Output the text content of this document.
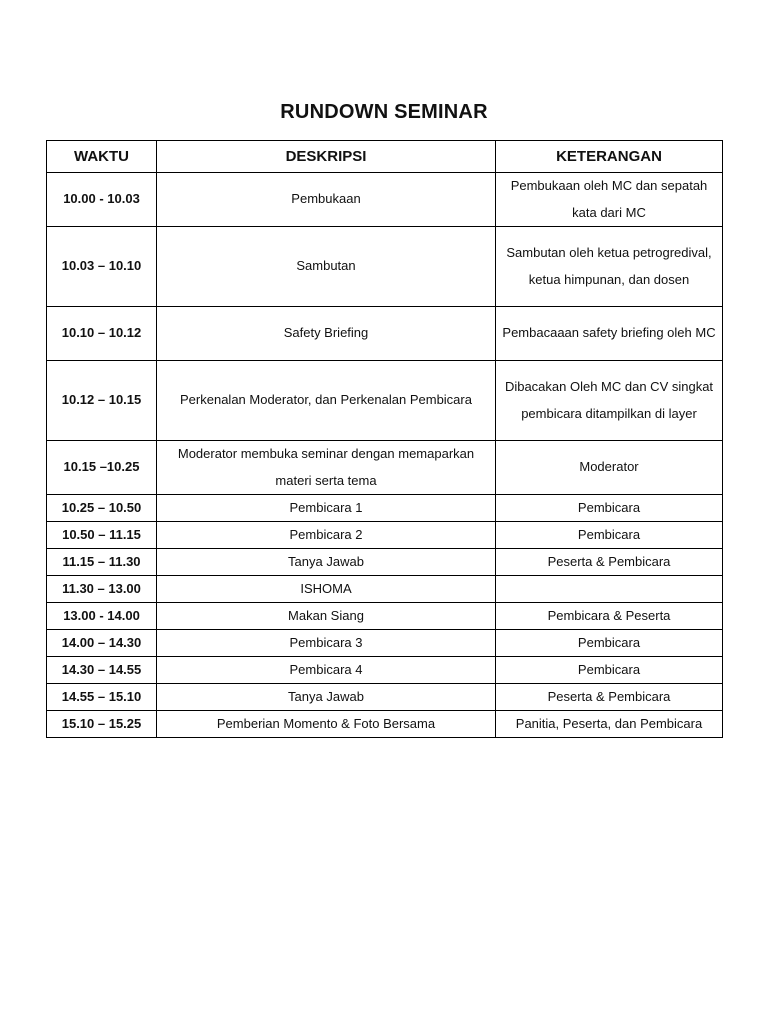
RUNDOWN SEMINAR
WAKTU	DESKRIPSI	KETERANGAN
10.00 - 10.03	Pembukaan	Pembukaan oleh MC dan sepatah kata dari MC
10.03 – 10.10	Sambutan	Sambutan oleh ketua petrogredival, ketua himpunan, dan dosen
10.10 – 10.12	Safety Briefing	Pembacaaan safety briefing oleh MC
10.12 – 10.15	Perkenalan Moderator, dan Perkenalan Pembicara	Dibacakan Oleh MC dan CV singkat pembicara ditampilkan di layer
10.15 –10.25	Moderator membuka seminar dengan memaparkan materi serta tema	Moderator
10.25 – 10.50	Pembicara 1	Pembicara
10.50 – 11.15	Pembicara 2	Pembicara
11.15 – 11.30	Tanya Jawab	Peserta & Pembicara
11.30 – 13.00	ISHOMA	
13.00 - 14.00	Makan Siang	Pembicara & Peserta
14.00 – 14.30	Pembicara 3	Pembicara
14.30 – 14.55	Pembicara 4	Pembicara
14.55 – 15.10	Tanya Jawab	Peserta & Pembicara
15.10 – 15.25	Pemberian Momento & Foto Bersama	Panitia, Peserta, dan Pembicara
